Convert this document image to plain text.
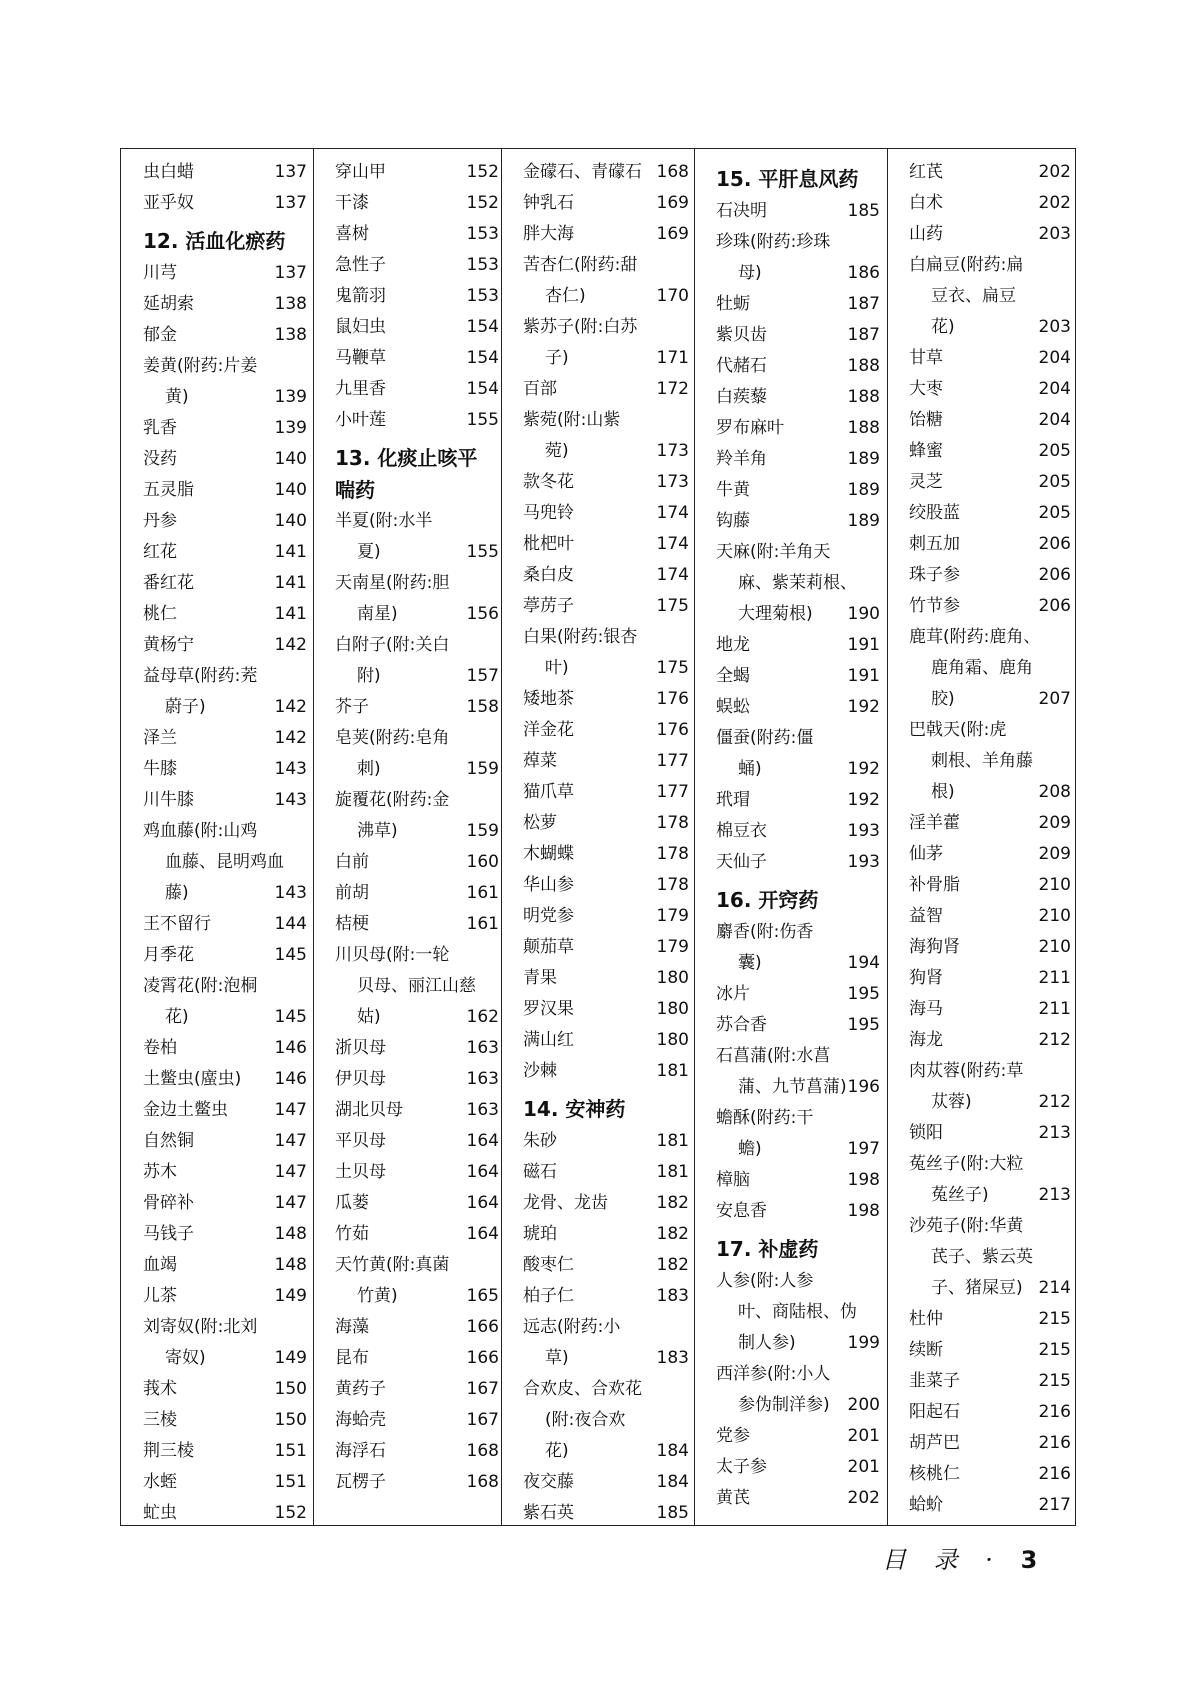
虫白蜡	137
亚乎奴	137
12. 活血化瘀药
川芎	137
延胡索	138
郁金	138
姜黄(附药:片姜
黄)	139
乳香	139
没药	140
五灵脂	140
丹参	140
红花	141
番红花	141
桃仁	141
黄杨宁	142
益母草(附药:茺
蔚子)	142
泽兰	142
牛膝	143
川牛膝	143
鸡血藤(附:山鸡
血藤、昆明鸡血
藤)	143
王不留行	144
月季花	145
凌霄花(附:泡桐
花)	145
卷柏	146
土鳖虫(䗪虫) 146
金边土鳖虫	147
自然铜	147
苏木	147
骨碎补	147
马钱子	148
血竭	148
儿茶	149
刘寄奴(附:北刘
寄奴)	149
莪术	150
三棱	150
荆三棱	151
水蛭	151
虻虫	152
穿山甲	152
干漆	152
喜树	153
急性子	153
鬼箭羽	153
鼠妇虫	154
马鞭草	154
九里香	154
小叶莲	155
13. 化痰止咳平
喘药
半夏(附:水半
夏)	155
天南星(附药:胆
南星)	156
白附子(附:关白
附)	157
芥子	158
皂荚(附药:皂角
刺)	159
旋覆花(附药:金
沸草)	159
白前	160
前胡	161
桔梗	161
川贝母(附:一轮
贝母、丽江山慈
姑)	162
浙贝母	163
伊贝母	163
湖北贝母	163
平贝母	164
土贝母	164
瓜蒌	164
竹茹	164
天竹黄(附:真菌
竹黄)	165
海藻	166
昆布	166
黄药子	167
海蛤壳	167
海浮石	168
瓦楞子	168
金礞石、青礞石 168
钟乳石	169
胖大海	169
苦杏仁(附药:甜
杏仁)	170
紫苏子(附:白苏
子)	171
百部	172
紫菀(附:山紫
菀)	173
款冬花	173
马兜铃	174
枇杷叶	174
桑白皮	174
葶苈子	175
白果(附药:银杏
叶)	175
矮地茶	176
洋金花	176
蔊菜	177
猫爪草	177
松萝	178
木蝴蝶	178
华山参	178
明党参	179
颠茄草	179
青果	180
罗汉果	180
满山红	180
沙棘	181
14. 安神药
朱砂	181
磁石	181
龙骨、龙齿	182
琥珀	182
酸枣仁	182
柏子仁	183
远志(附药:小
草)	183
合欢皮、合欢花
(附:夜合欢
花)	184
夜交藤	184
紫石英	185
15. 平肝息风药
石决明	185
珍珠(附药:珍珠
母)	186
牡蛎	187
紫贝齿	187
代赭石	188
白蒺藜	188
罗布麻叶	188
羚羊角	189
牛黄	189
钩藤	189
天麻(附:羊角天
麻、紫茉莉根、
大理菊根) 190
地龙	191
全蝎	191
蜈蚣	192
僵蚕(附药:僵
蛹)	192
玳瑁	192
棉豆衣	193
天仙子	193
16. 开窍药
麝香(附:伤香
囊)	194
冰片	195
苏合香	195
石菖蒲(附:水菖
蒲、九节菖蒲) 196
蟾酥(附药:干
蟾)	197
樟脑	198
安息香	198
17. 补虚药
人参(附:人参
叶、商陆根、伪
制人参)	199
西洋参(附:小人
参伪制洋参) 200
党参	201
太子参	201
黄芪	202
红芪	202
白术	202
山药	203
白扁豆(附药:扁
豆衣、扁豆
花)	203
甘草	204
大枣	204
饴糖	204
蜂蜜	205
灵芝	205
绞股蓝	205
刺五加	206
珠子参	206
竹节参	206
鹿茸(附药:鹿角、
鹿角霜、鹿角
胶)	207
巴戟天(附:虎
刺根、羊角藤
根)	208
淫羊藿	209
仙茅	209
补骨脂	210
益智	210
海狗肾	210
狗肾	211
海马	211
海龙	212
肉苁蓉(附药:草
苁蓉)	212
锁阳	213
菟丝子(附:大粒
菟丝子)	213
沙苑子(附:华黄
芪子、紫云英
子、猪屎豆) 214
杜仲	215
续断	215
韭菜子	215
阳起石	216
胡芦巴	216
核桃仁	216
蛤蚧	217
目 录 · 3
